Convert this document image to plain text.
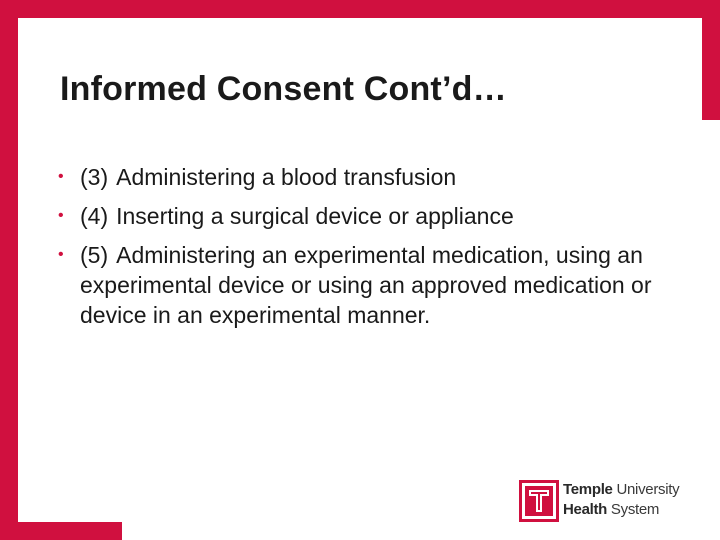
Informed Consent Cont’d…
• (3) Administering a blood transfusion
• (4) Inserting a surgical device or appliance
• (5) Administering an experimental medication, using an experimental device or using an approved medication or device in an experimental manner.
Temple University
Health System
